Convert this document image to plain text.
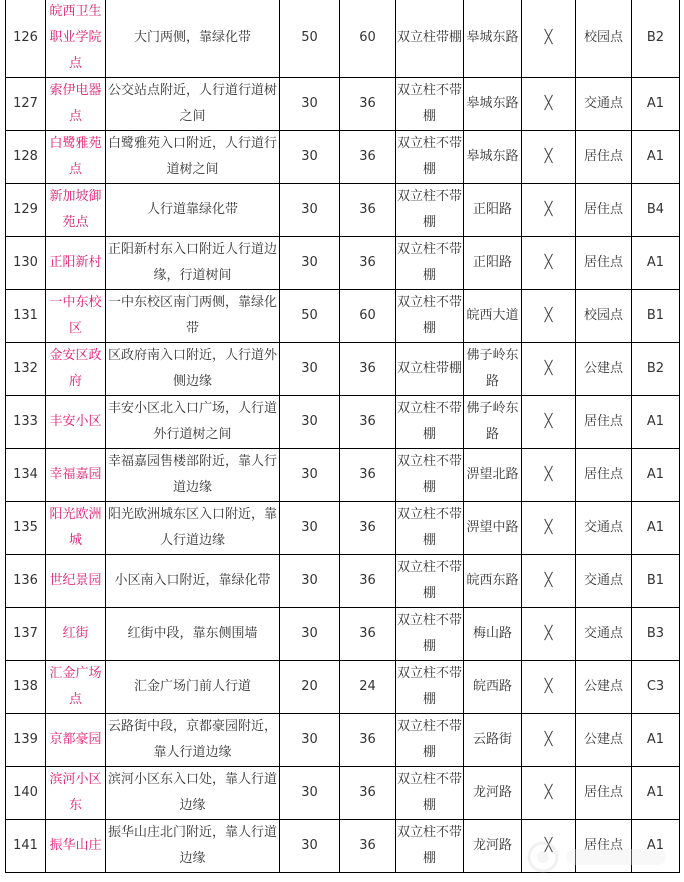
126	皖西卫生职业学院点	大门两侧，靠绿化带	50	60	双立柱带棚	皋城东路	╳	校园点	B2
127	索伊电器点	公交站点附近，人行道行道树之间	30	36	双立柱不带棚	皋城东路	╳	交通点	A1
128	白鹭雅苑点	白鹭雅苑入口附近，人行道行道树之间	30	36	双立柱不带棚	皋城东路	╳	居住点	A1
129	新加坡御苑点	人行道靠绿化带	30	36	双立柱不带棚	正阳路	╳	居住点	B4
130	正阳新村	正阳新村东入口附近人行道边缘，行道树间	30	36	双立柱不带棚	正阳路	╳	居住点	A1
131	一中东校区	一中东校区南门两侧，靠绿化带	50	60	双立柱不带棚	皖西大道	╳	校园点	B1
132	金安区政府	区政府南入口附近，人行道外侧边缘	30	36	双立柱带棚	佛子岭东路	╳	公建点	B2
133	丰安小区	丰安小区北入口广场，人行道外行道树之间	30	36	双立柱不带棚	佛子岭东路	╳	居住点	A1
134	幸福嘉园	幸福嘉园售楼部附近，靠人行道边缘	30	36	双立柱不带棚	淠望北路	╳	居住点	A1
135	阳光欧洲城	阳光欧洲城东区入口附近，靠人行道边缘	30	36	双立柱不带棚	淠望中路	╳	交通点	A1
136	世纪景园	小区南入口附近，靠绿化带	30	36	双立柱不带棚	皖西东路	╳	交通点	B1
137	红街	红街中段，靠东侧围墙	30	36	双立柱不带棚	梅山路	╳	交通点	B3
138	汇金广场点	汇金广场门前人行道	20	24	双立柱不带棚	皖西路	╳	公建点	C3
139	京都豪园	云路街中段，京都豪园附近，靠人行道边缘	30	36	双立柱不带棚	云路街	╳	公建点	A1
140	滨河小区东	滨河小区东入口处，靠人行道边缘	30	36	双立柱不带棚	龙河路	╳	居住点	A1
141	振华山庄	振华山庄北门附近，靠人行道边缘	30	36	双立柱不带棚	龙河路	╳	居住点	A1
